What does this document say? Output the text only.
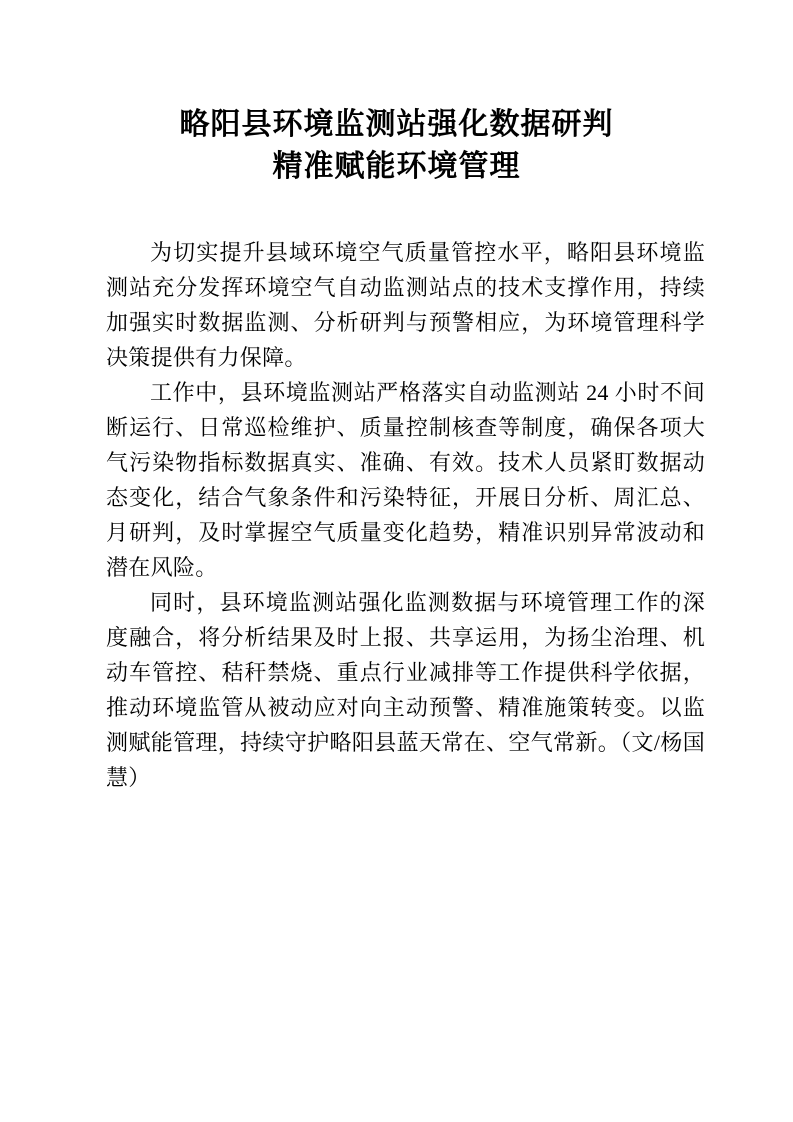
略阳县环境监测站强化数据研判
精准赋能环境管理

为切实提升县域环境空气质量管控水平，略阳县环境监测站充分发挥环境空气自动监测站点的技术支撑作用，持续加强实时数据监测、分析研判与预警相应，为环境管理科学决策提供有力保障。

工作中，县环境监测站严格落实自动监测站 24 小时不间断运行、日常巡检维护、质量控制核查等制度，确保各项大气污染物指标数据真实、准确、有效。技术人员紧盯数据动态变化，结合气象条件和污染特征，开展日分析、周汇总、月研判，及时掌握空气质量变化趋势，精准识别异常波动和潜在风险。

同时，县环境监测站强化监测数据与环境管理工作的深度融合，将分析结果及时上报、共享运用，为扬尘治理、机动车管控、秸秆禁烧、重点行业减排等工作提供科学依据，推动环境监管从被动应对向主动预警、精准施策转变。以监测赋能管理，持续守护略阳县蓝天常在、空气常新。（文/杨国慧）
